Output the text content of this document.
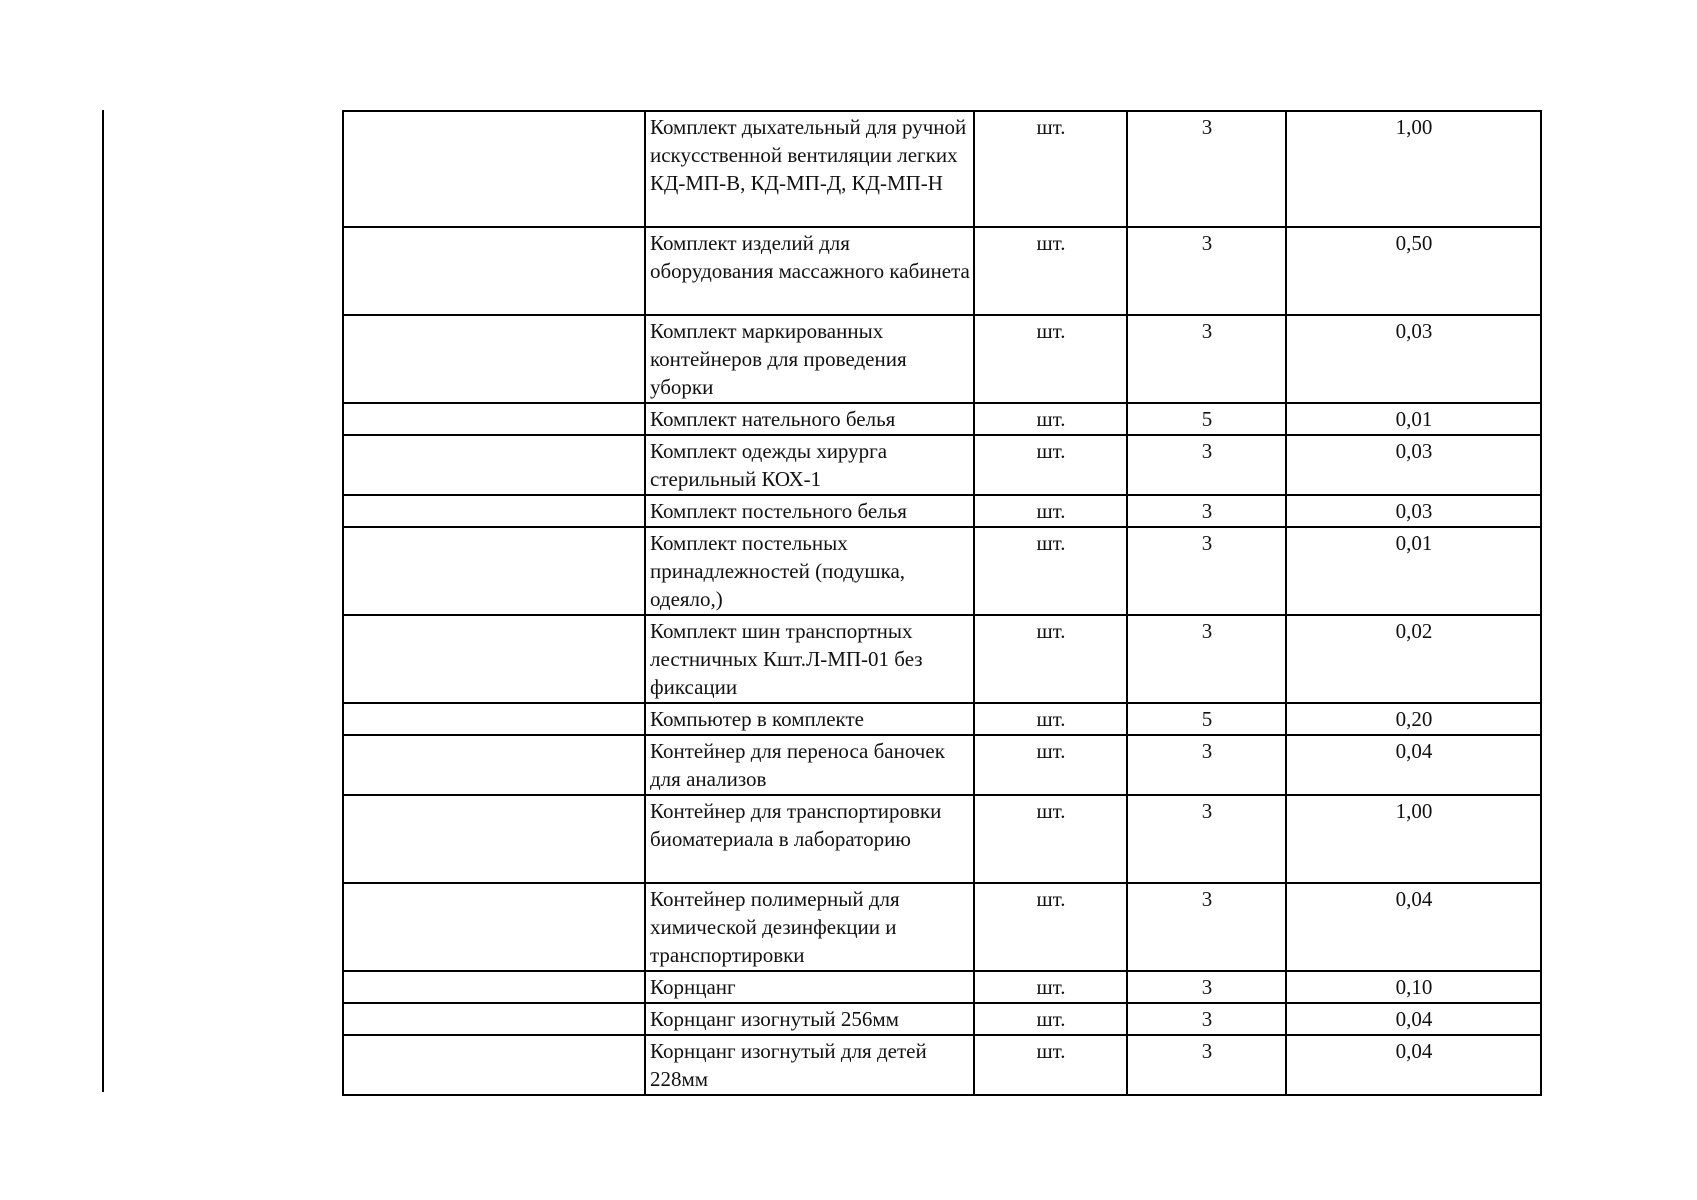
	Комплект дыхательный для ручной искусственной вентиляции легких КД-МП-В, КД-МП-Д, КД-МП-Н	шт.	3	1,00
	Комплект изделий для оборудования массажного кабинета	шт.	3	0,50
	Комплект маркированных контейнеров для проведения уборки	шт.	3	0,03
	Комплект нательного белья	шт.	5	0,01
	Комплект одежды хирурга стерильный КОХ-1	шт.	3	0,03
	Комплект постельного белья	шт.	3	0,03
	Комплект постельных принадлежностей (подушка, одеяло,)	шт.	3	0,01
	Комплект шин транспортных лестничных Кшт.Л-МП-01 без фиксации	шт.	3	0,02
	Компьютер в комплекте	шт.	5	0,20
	Контейнер для переноса баночек для анализов	шт.	3	0,04
	Контейнер для транспортировки биоматериала в лабораторию	шт.	3	1,00
	Контейнер полимерный для химической дезинфекции и транспортировки	шт.	3	0,04
	Корнцанг	шт.	3	0,10
	Корнцанг изогнутый 256мм	шт.	3	0,04
	Корнцанг изогнутый для детей 228мм	шт.	3	0,04
